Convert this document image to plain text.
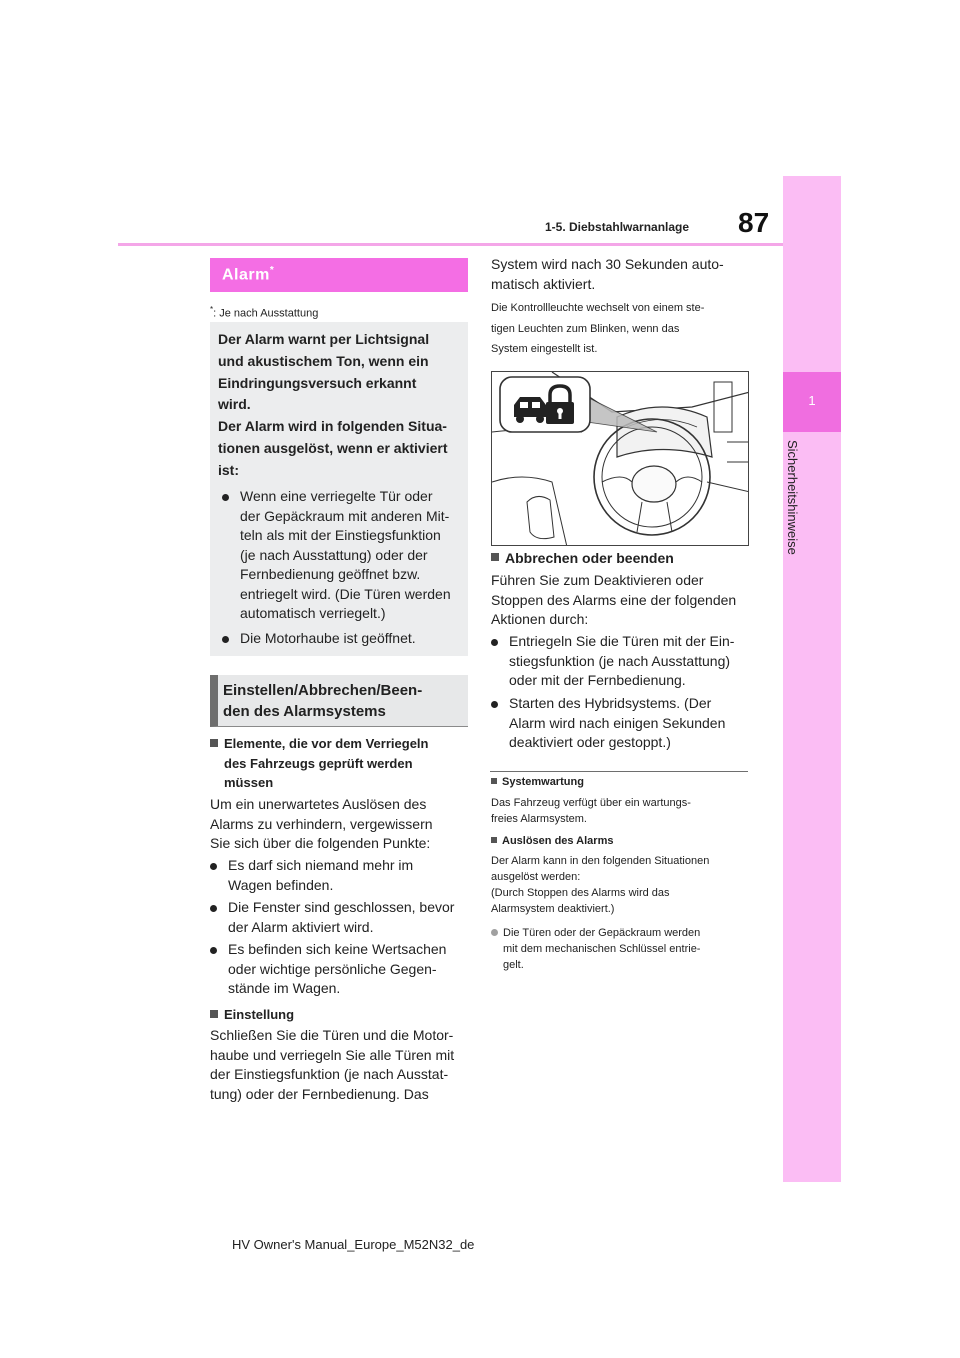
1-5. Diebstahlwarnanlage 87
1
Sicherheitshinweise
Alarm*
*: Je nach Ausstattung
Der Alarm warnt per Lichtsignal
und akustischem Ton, wenn ein
Eindringungsversuch erkannt
wird.
Der Alarm wird in folgenden Situa-
tionen ausgelöst, wenn er aktiviert
ist:
Wenn eine verriegelte Tür oder
der Gepäckraum mit anderen Mit-
teln als mit der Einstiegsfunktion
(je nach Ausstattung) oder der
Fernbedienung geöffnet bzw.
entriegelt wird. (Die Türen werden
automatisch verriegelt.)
Die Motorhaube ist geöffnet.
Einstellen/Abbrechen/Been-
den des Alarmsystems
Elemente, die vor dem Verriegeln
des Fahrzeugs geprüft werden
müssen
Um ein unerwartetes Auslösen des
Alarms zu verhindern, vergewissern
Sie sich über die folgenden Punkte:
Es darf sich niemand mehr im
Wagen befinden.
Die Fenster sind geschlossen, bevor
der Alarm aktiviert wird.
Es befinden sich keine Wertsachen
oder wichtige persönliche Gegen-
stände im Wagen.
Einstellung
Schließen Sie die Türen und die Motor-
haube und verriegeln Sie alle Türen mit
der Einstiegsfunktion (je nach Ausstat-
tung) oder der Fernbedienung. Das
System wird nach 30 Sekunden auto-
matisch aktiviert.
Die Kontrollleuchte wechselt von einem ste-
tigen Leuchten zum Blinken, wenn das
System eingestellt ist.
Abbrechen oder beenden
Führen Sie zum Deaktivieren oder
Stoppen des Alarms eine der folgenden
Aktionen durch:
Entriegeln Sie die Türen mit der Ein-
stiegsfunktion (je nach Ausstattung)
oder mit der Fernbedienung.
Starten des Hybridsystems. (Der
Alarm wird nach einigen Sekunden
deaktiviert oder gestoppt.)
Systemwartung
Das Fahrzeug verfügt über ein wartungs-
freies Alarmsystem.
Auslösen des Alarms
Der Alarm kann in den folgenden Situationen
ausgelöst werden:
(Durch Stoppen des Alarms wird das
Alarmsystem deaktiviert.)
Die Türen oder der Gepäckraum werden
mit dem mechanischen Schlüssel entrie-
gelt.
HV Owner's Manual_Europe_M52N32_de
